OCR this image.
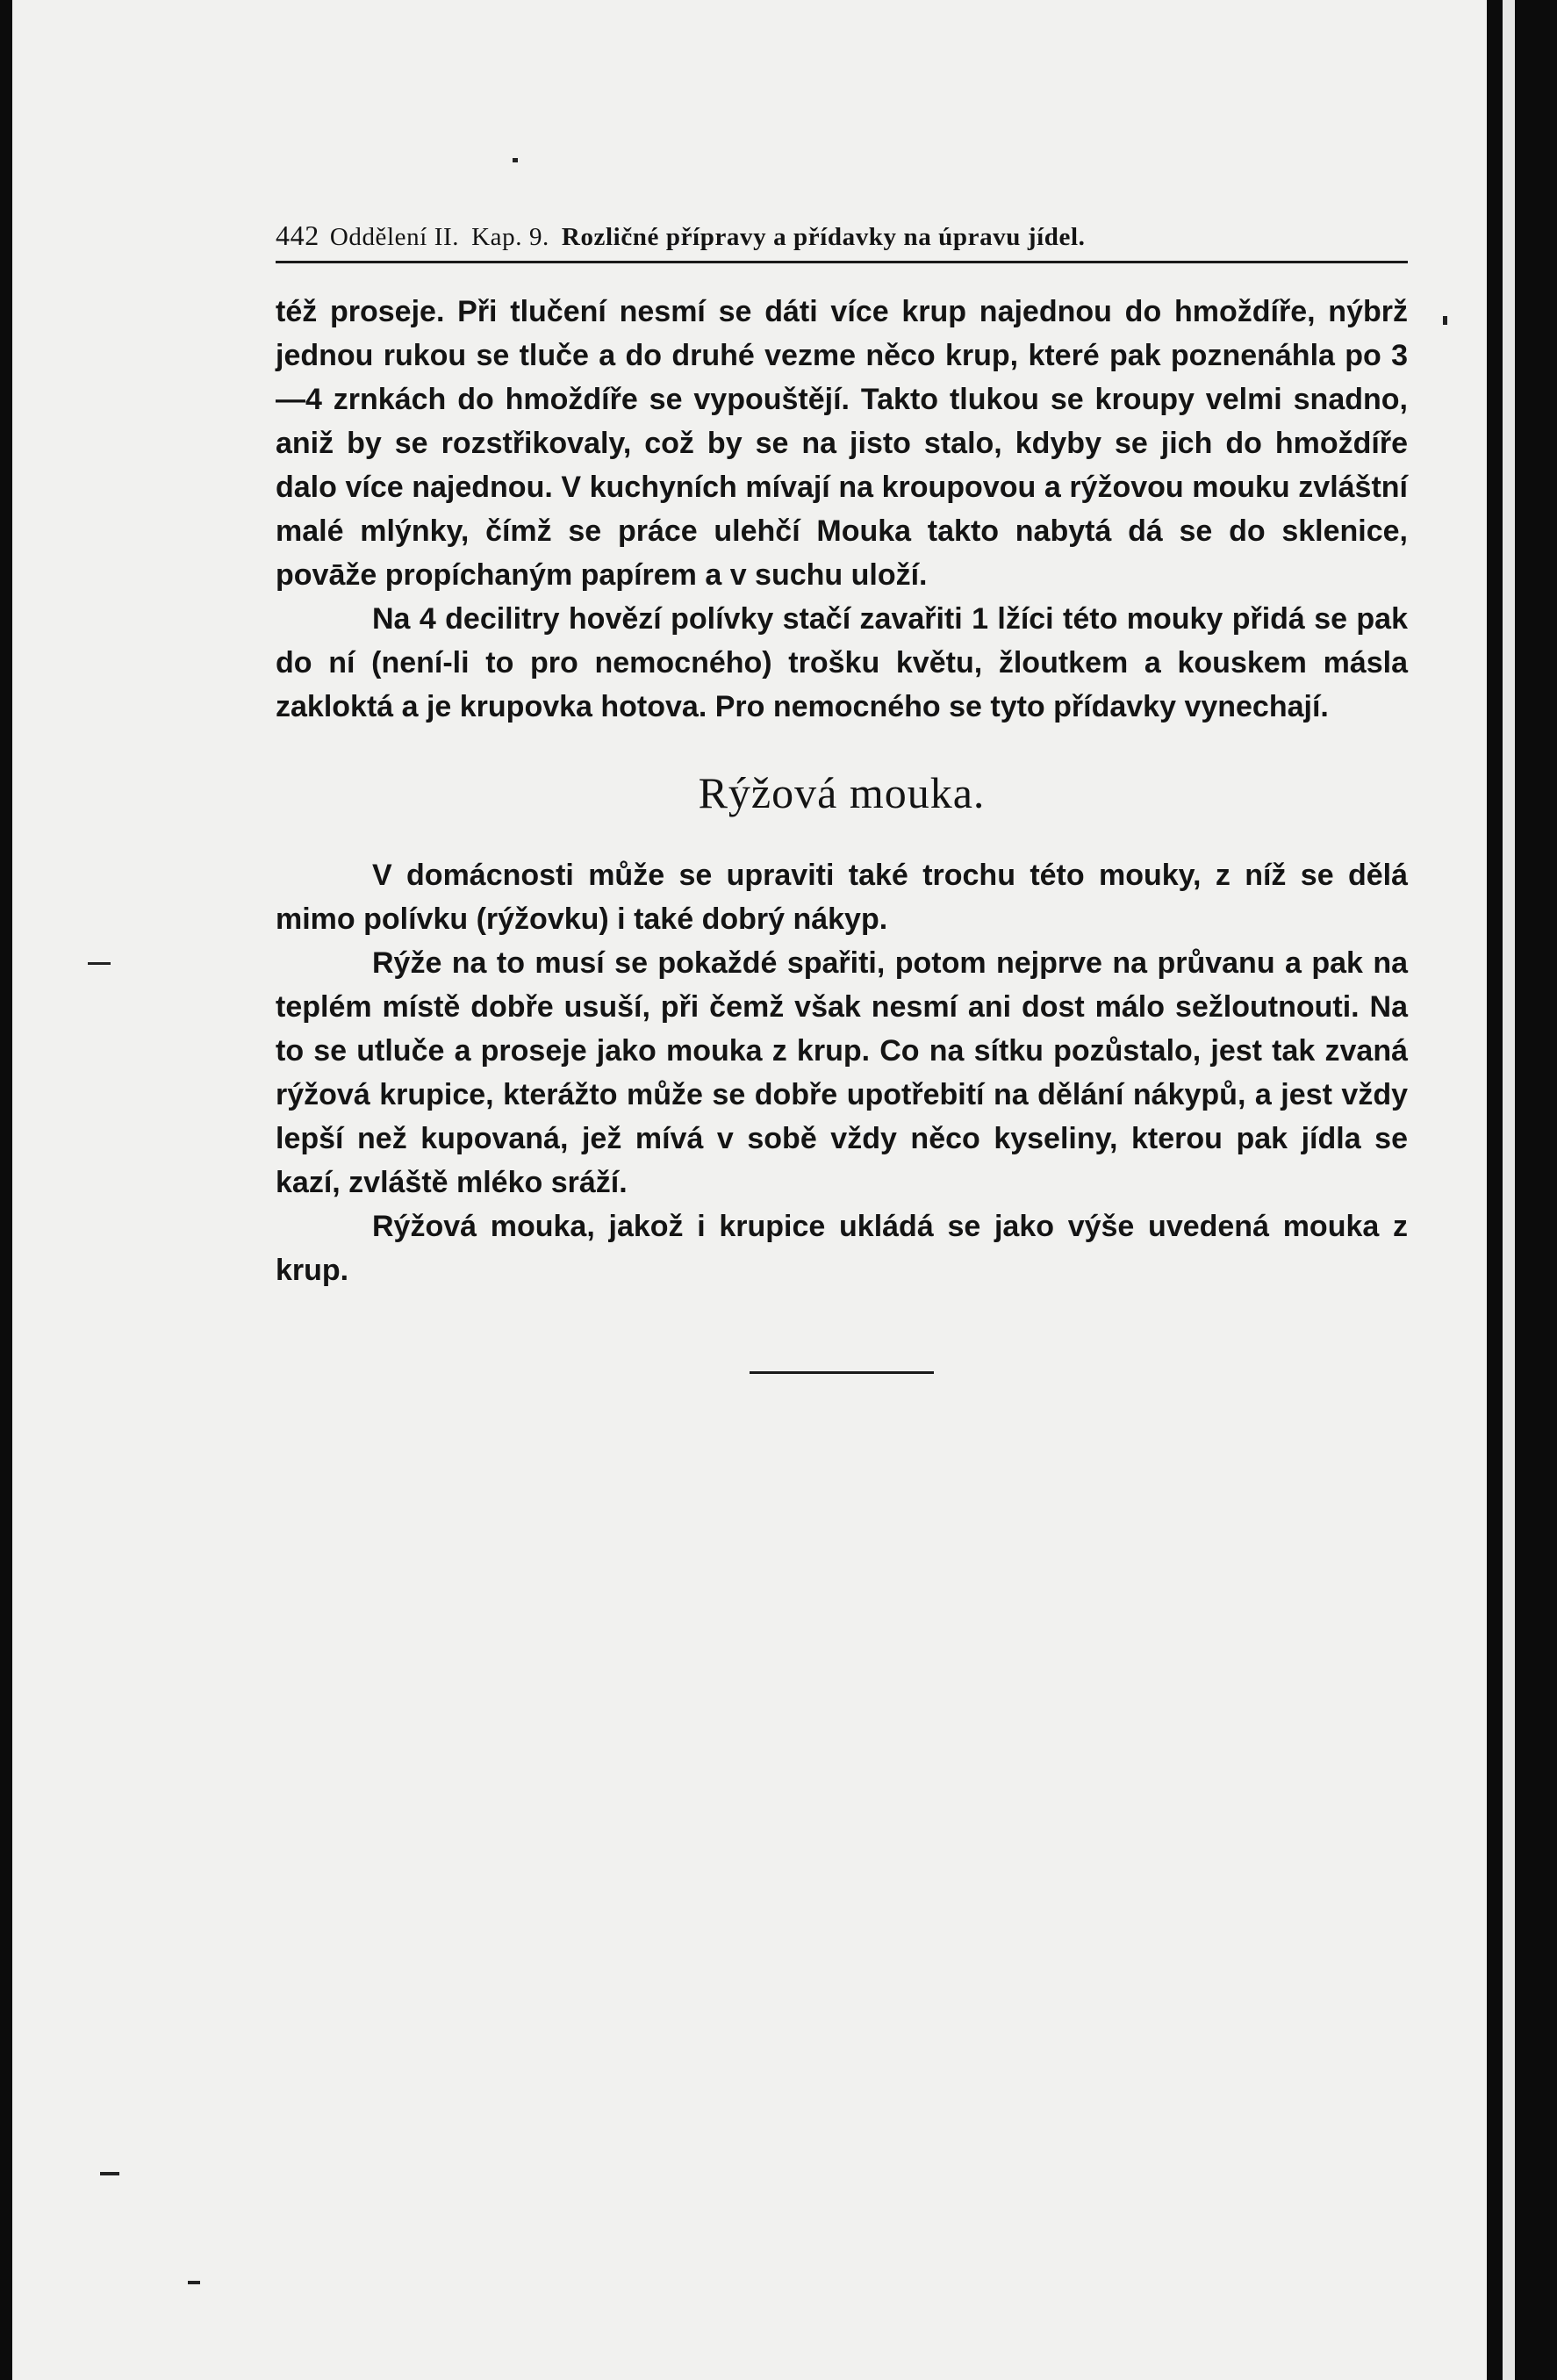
442 Oddělení II. Kap. 9. Rozličné přípravy a přídavky na úpravu jídel.

též proseje. Při tlučení nesmí se dáti více krup najednou do hmoždíře, nýbrž jednou rukou se tluče a do druhé vezme něco krup, které pak poznenáhla po 3—4 zrnkách do hmoždíře se vypouštějí. Takto tlukou se kroupy velmi snadno, aniž by se rozstřikovaly, což by se na jisto stalo, kdyby se jich do hmoždíře dalo více najednou. V kuchyních mívají na kroupovou a rýžovou mouku zvláštní malé mlýnky, čímž se práce ulehčí Mouka takto nabytá dá se do sklenice, povāže propíchaným papírem a v suchu uloží.

Na 4 decilitry hovězí polívky stačí zavařiti 1 lžíci této mouky přidá se pak do ní (není-li to pro nemocného) trošku květu, žloutkem a kouskem másla zakloktá a je krupovka hotova. Pro nemocného se tyto přídavky vynechají.

Rýžová mouka.

V domácnosti může se upraviti také trochu této mouky, z níž se dělá mimo polívku (rýžovku) i také dobrý nákyp.

Rýže na to musí se pokaždé spařiti, potom nejprve na průvanu a pak na teplém místě dobře usuší, při čemž však nesmí ani dost málo sežloutnouti. Na to se utluče a proseje jako mouka z krup. Co na sítku pozůstalo, jest tak zvaná rýžová krupice, kterážto může se dobře upotřebití na dělání nákypů, a jest vždy lepší než kupovaná, jež mívá v sobě vždy něco kyseliny, kterou pak jídla se kazí, zvláště mléko sráží.

Rýžová mouka, jakož i krupice ukládá se jako výše uvedená mouka z krup.
